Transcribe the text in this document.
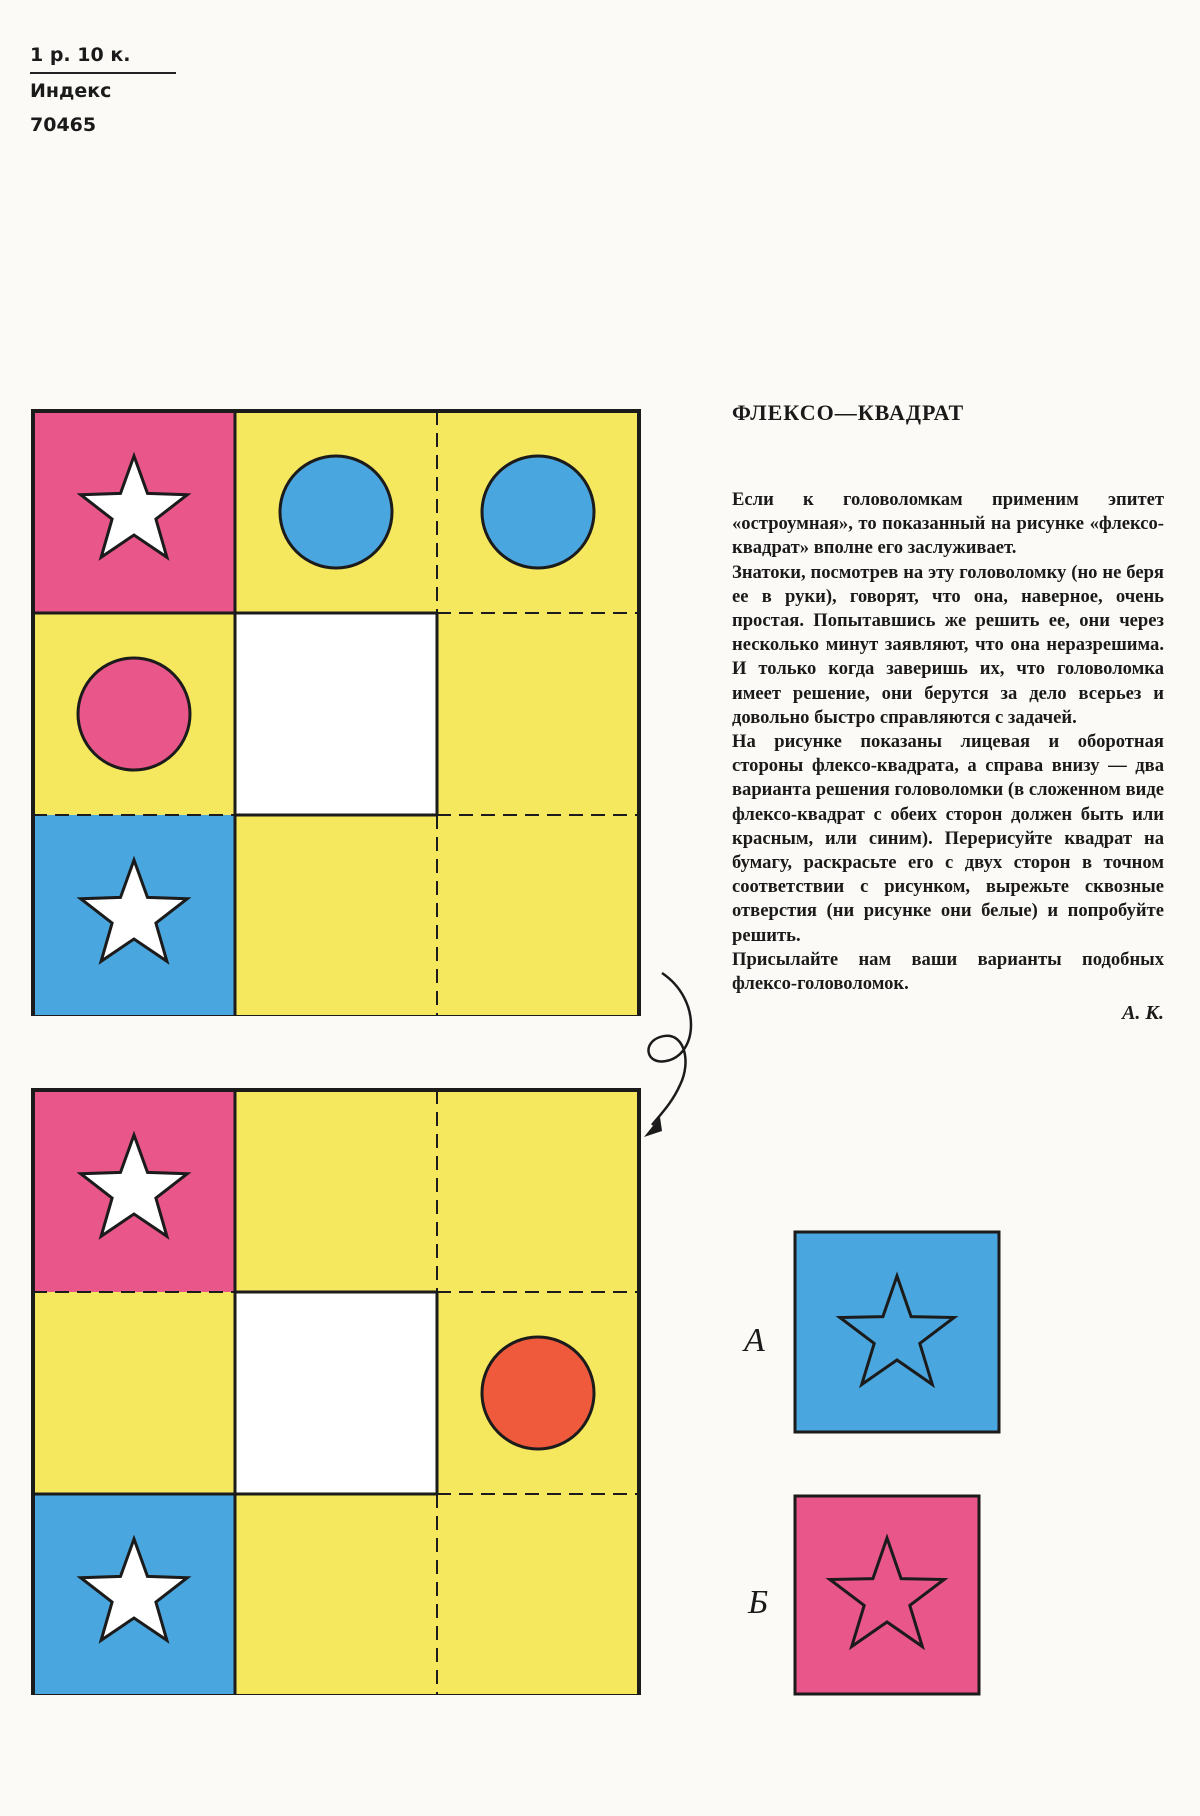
1 р. 10 к.
Индекс 70465
ФЛЕКСО—КВАДРАТ

Если к головоломкам применим эпитет «остроумная», то показанный на рисунке «флексо-квадрат» вполне его заслуживает.

Знатоки, посмотрев на эту головоломку (но не беря ее в руки), говорят, что она, наверное, очень простая. Попытавшись же решить ее, они через несколько минут заявляют, что она неразрешима. И только когда заверишь их, что головоломка имеет решение, они берутся за дело всерьез и довольно быстро справляются с задачей.

На рисунке показаны лицевая и оборотная стороны флексо-квадрата, а справа внизу — два варианта решения головоломки (в сложенном виде флексо-квадрат с обеих сторон должен быть или красным, или синим). Перерисуйте квадрат на бумагу, раскрасьте его с двух сторон в точном соответствии с рисунком, вырежьте сквозные отверстия (ни рисунке они белые) и попробуйте решить.

Присылайте нам ваши варианты подобных флексо-головоломок.

А. К.
А
Б
